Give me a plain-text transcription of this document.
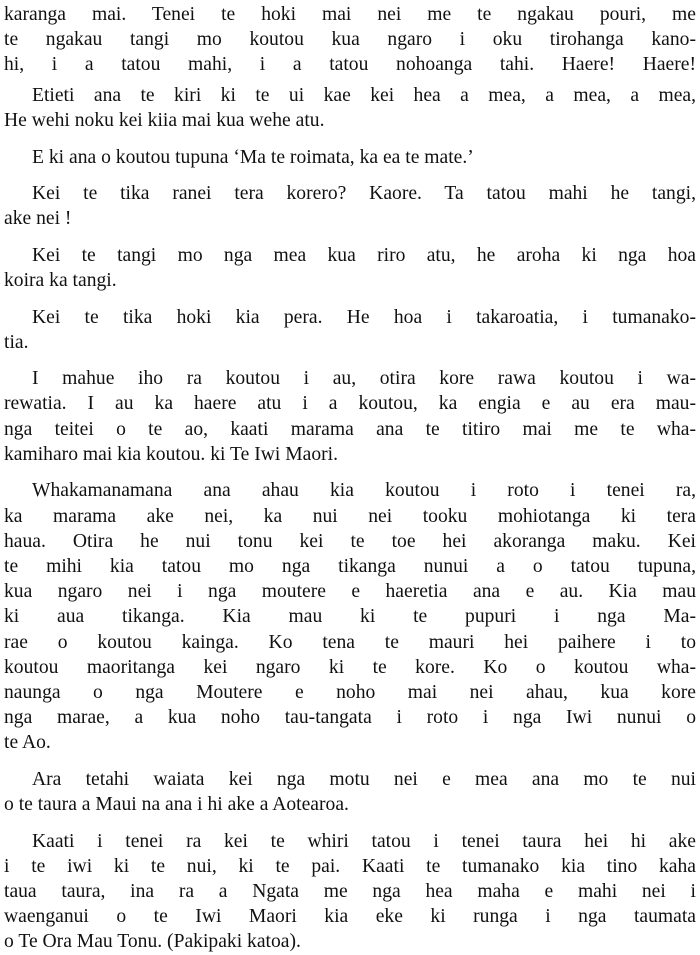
karanga mai. Tenei te hoki mai nei me te ngakau pouri, me
te ngakau tangi mo koutou kua ngaro i oku tirohanga kano-
hi, i a tatou mahi, i a tatou nohoanga tahi. Haere! Haere!
Etieti ana te kiri ki te ui kae kei hea a mea, a mea, a mea,
He wehi noku kei kiia mai kua wehe atu.
E ki ana o koutou tupuna ‘Ma te roimata, ka ea te mate.’
Kei te tika ranei tera korero? Kaore. Ta tatou mahi he tangi,
ake nei !
Kei te tangi mo nga mea kua riro atu, he aroha ki nga hoa
koira ka tangi.
Kei te tika hoki kia pera. He hoa i takaroatia, i tumanako-
tia.
I mahue iho ra koutou i au, otira kore rawa koutou i wa-
rewatia. I au ka haere atu i a koutou, ka engia e au era mau-
nga teitei o te ao, kaati marama ana te titiro mai me te wha-
kamiharo mai kia koutou. ki Te Iwi Maori.
Whakamanamana ana ahau kia koutou i roto i tenei ra,
ka marama ake nei, ka nui nei tooku mohiotanga ki tera
haua. Otira he nui tonu kei te toe hei akoranga maku. Kei
te mihi kia tatou mo nga tikanga nunui a o tatou tupuna,
kua ngaro nei i nga moutere e haeretia ana e au. Kia mau
ki aua tikanga. Kia mau ki te pupuri i nga Ma-
rae o koutou kainga. Ko tena te mauri hei paihere i to
koutou maoritanga kei ngaro ki te kore. Ko o koutou wha-
naunga o nga Moutere e noho mai nei ahau, kua kore
nga marae, a kua noho tau-tangata i roto i nga Iwi nunui o
te Ao.
Ara tetahi waiata kei nga motu nei e mea ana mo te nui
o te taura a Maui na ana i hi ake a Aotearoa.
Kaati i tenei ra kei te whiri tatou i tenei taura hei hi ake
i te iwi ki te nui, ki te pai. Kaati te tumanako kia tino kaha
taua taura, ina ra a Ngata me nga hea maha e mahi nei i
waenganui o te Iwi Maori kia eke ki runga i nga taumata
o Te Ora Mau Tonu. (Pakipaki katoa).
